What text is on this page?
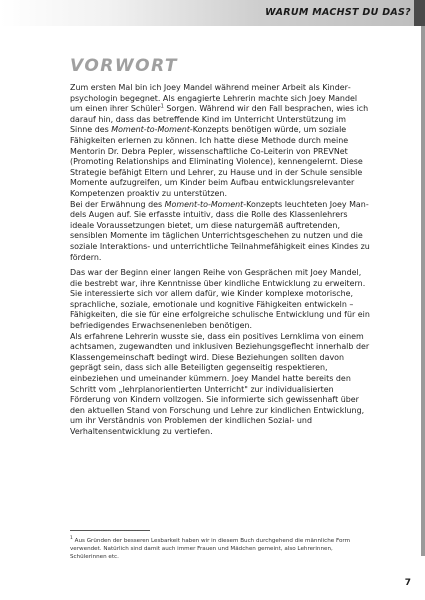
WARUM MACHST DU DAS?
VORWORT

Zum ersten Mal bin ich Joey Mandel während meiner Arbeit als Kinderpsychologin begegnet. Als engagierte Lehrerin machte sich Joey Mandel um einen ihrer Schüler$^1$ Sorgen. Während wir den Fall besprachen, wies ich darauf hin, dass das betreffende Kind im Unterricht Unterstützung im Sinne des Moment-to-Moment-Konzepts benötigen würde, um soziale Fähigkeiten erlernen zu können. Ich hatte diese Methode durch meine Mentorin Dr. Debra Pepler, wissenschaftliche Co-Leiterin von PREVNet (Promoting Relationships and Eliminating Violence), kennengelernt. Diese Strategie befähigt Eltern und Lehrer, zu Hause und in der Schule sensible Momente aufzugreifen, um Kinder beim Aufbau entwicklungsrelevanter Kompetenzen proaktiv zu unterstützen.

Bei der Erwähnung des Moment-to-Moment-Konzepts leuchteten Joey Mandels Augen auf. Sie erfasste intuitiv, dass die Rolle des Klassenlehrers ideale Voraussetzungen bietet, um diese naturgemäß auftretenden, sensiblen Momente im täglichen Unterrichtsgeschehen zu nutzen und die soziale Interaktions- und unterrichtliche Teilnahmefähigkeit eines Kindes zu fördern.

Das war der Beginn einer langen Reihe von Gesprächen mit Joey Mandel, die bestrebt war, ihre Kenntnisse über kindliche Entwicklung zu erweitern. Sie interessierte sich vor allem dafür, wie Kinder komplexe motorische, sprachliche, soziale, emotionale und kognitive Fähigkeiten entwickeln – Fähigkeiten, die sie für eine erfolgreiche schulische Entwicklung und für ein befriedigendes Erwachsenenleben benötigen.

Als erfahrene Lehrerin wusste sie, dass ein positives Lernklima von einem achtsamen, zugewandten und inklusiven Beziehungsgeflecht innerhalb der Klassengemeinschaft bedingt wird. Diese Beziehungen sollten davon geprägt sein, dass sich alle Beteiligten gegenseitig respektieren, einbeziehen und umeinander kümmern. Joey Mandel hatte bereits den Schritt vom „lehrplanorientierten Unterricht" zur individualisierten Förderung von Kindern vollzogen. Sie informierte sich gewissenhaft über den aktuellen Stand von Forschung und Lehre zur kindlichen Entwicklung, um ihr Verständnis von Problemen der kindlichen Sozial- und Verhaltensentwicklung zu vertiefen.

$^1$ Aus Gründen der besseren Lesbarkeit haben wir in diesem Buch durchgehend die männliche Form verwendet. Natürlich sind damit auch immer Frauen und Mädchen gemeint, also Lehrerinnen, Schülerinnen etc.
7
